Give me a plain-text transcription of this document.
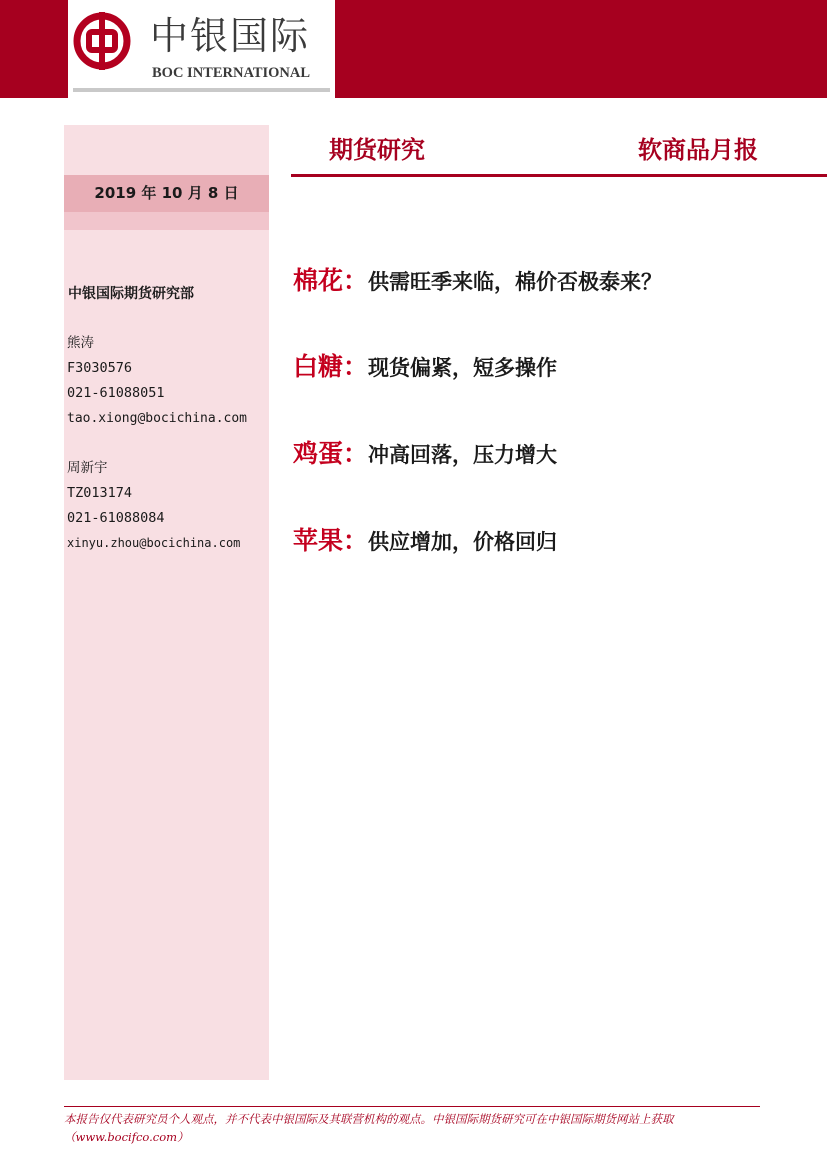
中银国际
BOC INTERNATIONAL
2019 年 10 月 8 日
中银国际期货研究部
熊涛
F3030576
021-61088051
tao.xiong@bocichina.com
周新宇
TZ013174
021-61088084
xinyu.zhou@bocichina.com
期货研究	软商品月报
棉花：供需旺季来临，棉价否极泰来？
白糖：现货偏紧，短多操作
鸡蛋：冲高回落，压力增大
苹果：供应增加，价格回归
本报告仅代表研究员个人观点，并不代表中银国际及其联营机构的观点。中银国际期货研究可在中银国际期货网站上获取
（www.bocifco.com）
